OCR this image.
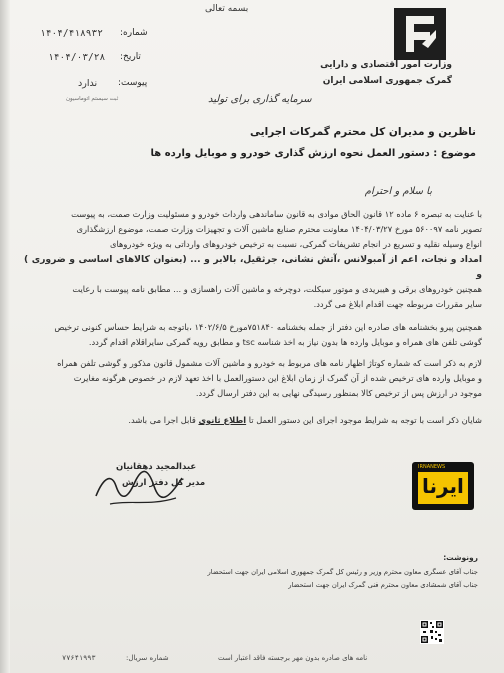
بسمه تعالی
وزارت امور اقتصادی و دارایی
گمرک جمهوری اسلامی ایران
شماره:
۱۴۰۴/۴۱۸۹۳۲
تاریخ:
۱۴۰۴/۰۳/۲۸
پیوست:
ندارد
ثبت سیستم اتوماسیون	سرمایه گذاری برای تولید
ناظرین و مدیران کل محترم گمرکات اجرایی
موضوع : دستور العمل نحوه ارزش گذاری خودرو و موبایل وارده ها
با سلام و احترام
با عنایت به تبصره ۶ ماده ۱۲ قانون الحاق موادی به قانون ساماندهی واردات خودرو و مسئولیت وزارت صمت، به پیوست
تصویر نامه ۵۶۰۰۹۷ مورخ ۱۴۰۴/۰۳/۲۷ معاونت محترم صنایع ماشین آلات و تجهیزات وزارت صمت، موضوع ارزشگذاری
انواع وسیله نقلیه و تسریع در انجام تشریفات گمرکی، نسبت به ترخیص خودروهای وارداتی به ویژه خودروهای
امداد و نجات، اعم از آمبولانس ،آتش نشانی، جرثقیل، بالابر و ... (بعنوان کالاهای اساسی و ضروری ) و
همچنین خودروهای برقی و هیبریدی و موتور سیکلت، دوچرخه و ماشین آلات راهسازی و ... مطابق نامه پیوست با رعایت
سایر مقررات مربوطه جهت اقدام ابلاغ می گردد.
همچنین پیرو بخشنامه های صادره این دفتر از جمله بخشنامه ۷۵۱۸۴۰مورخ ۱۴۰۲/۶/۵ ،باتوجه به شرایط حساس کنونی ترخیص
گوشی تلفن های همراه و موبایل وارده ها بدون نیاز به اخذ شناسه tsc و مطابق رویه گمرکی سایراقلام اقدام گردد.
لازم به ذکر است که شماره کوتاژ اظهار نامه های مربوط به خودرو و ماشین آلات مشمول قانون مذکور و گوشی تلفن همراه
و موبایل وارده های ترخیص شده از آن گمرک از زمان ابلاغ این دستورالعمل با اخذ تعهد لازم در خصوص هرگونه مغایرت
موجود در ارزش پس از ترخیص کالا بمنظور رسیدگی نهایی به این دفتر ارسال گردد.
شایان ذکر است با توجه به شرایط موجود اجرای این دستور العمل تا اطلاع ثانوی قابل اجرا می باشد.
عبدالمجید دهقانیان
مدیر کل دفتر ارزش
IRNANEWS
ایرنا
رونوشت:
جناب آقای عسگری معاون محترم وزیر و رئیس کل گمرک جمهوری اسلامی ایران جهت استحضار
جناب آقای شمشادی معاون محترم فنی گمرک ایران جهت استحضار
۷۷۶۴۱۹۹۳	شماره سریال:	نامه های صادره بدون مهر برجسته فاقد اعتبار است
